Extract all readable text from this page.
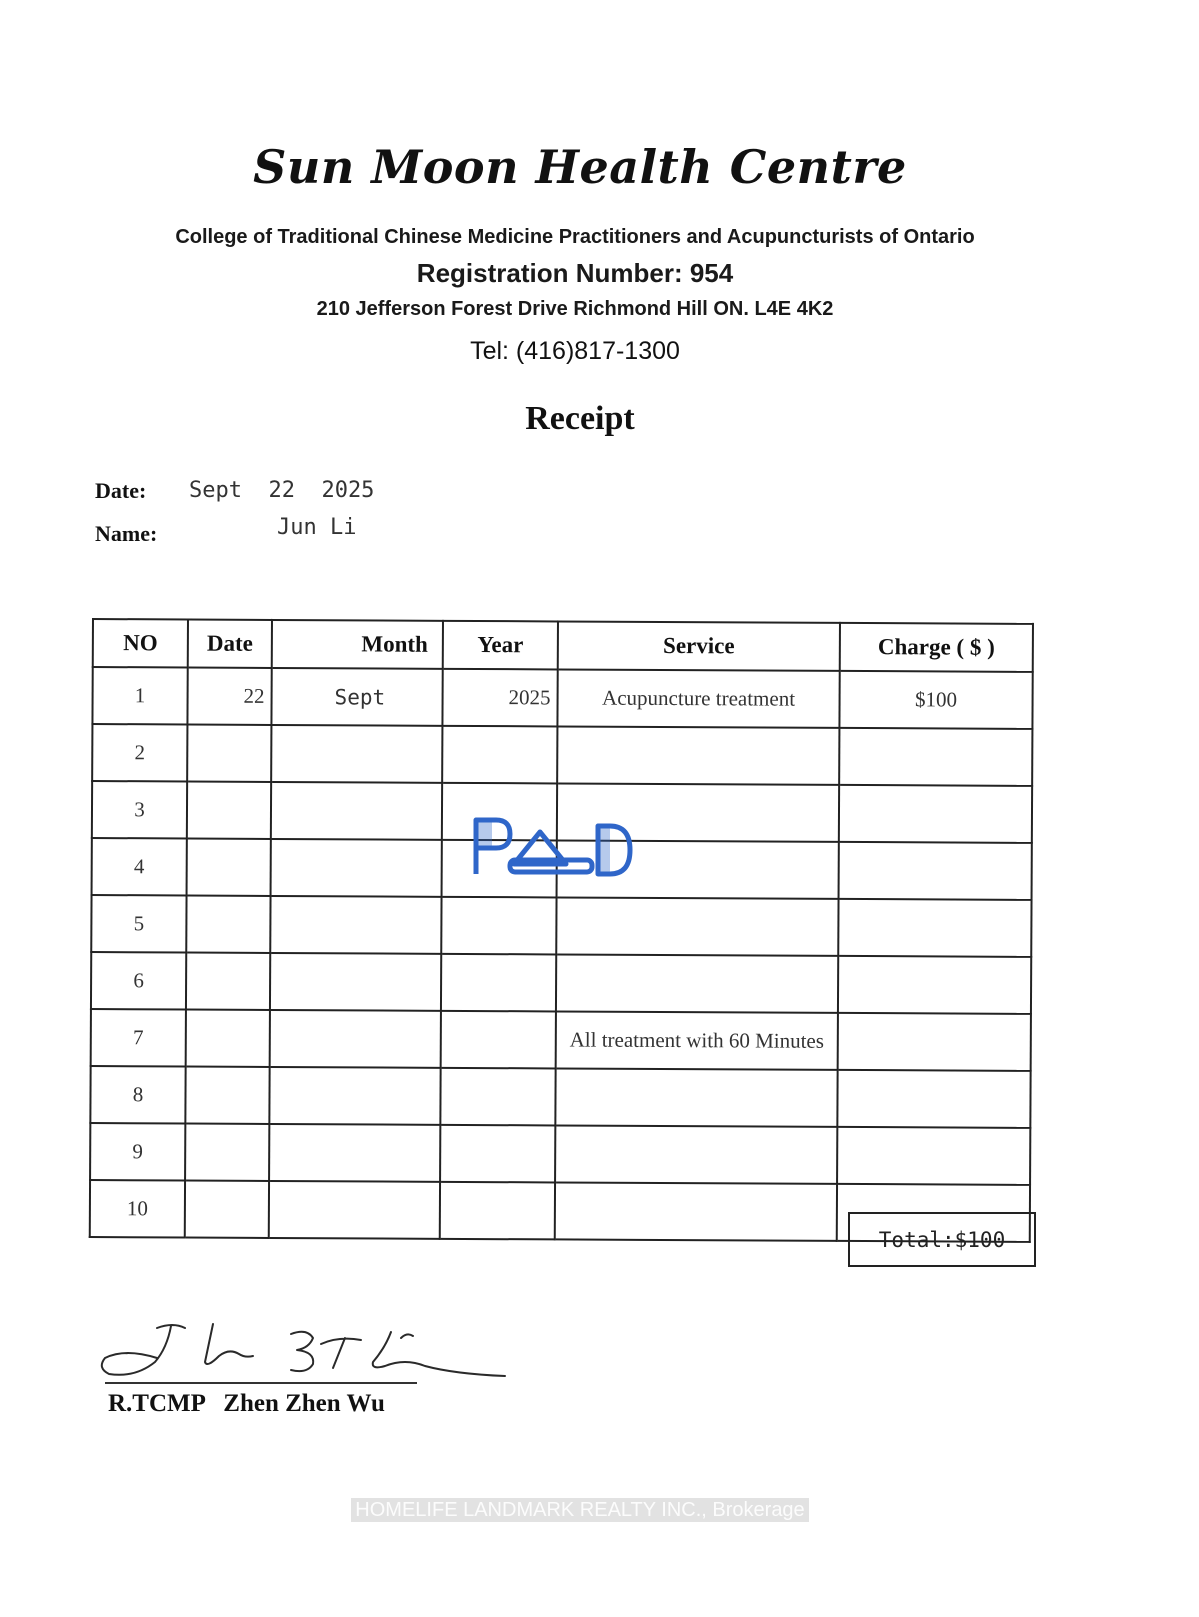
Sun Moon Health Centre
College of Traditional Chinese Medicine Practitioners and Acupuncturists of Ontario
Registration Number: 954
210 Jefferson Forest Drive Richmond Hill ON. L4E 4K2
Tel: (416)817-1300
Receipt
Date: Sept  22  2025
Name:	Jun Li
NO	Date	Month	Year	Service	Charge ( $ )
1	22	Sept	2025	Acupuncture treatment	$100
2					
3					
4					
5					
6					
7				All treatment with 60 Minutes	
8					
9					
10					
Total:$100
R.TCMP   Zhen Zhen Wu
HOMELIFE LANDMARK REALTY INC., Brokerage
